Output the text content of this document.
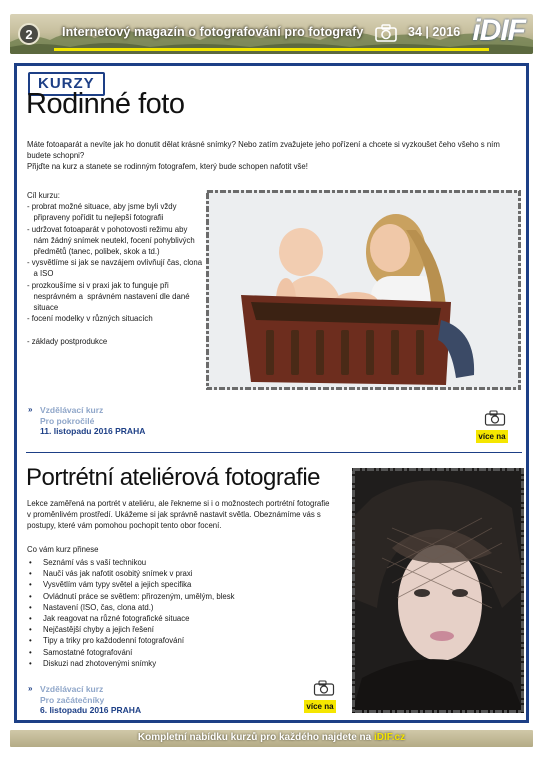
2	Internetový magazín o fotografování pro fotografy	34 | 2016 iDIF
KURZY
Rodinné foto

Máte fotoaparát a nevíte jak ho donutit dělat krásné snímky? Nebo zatím zvažujete jeho pořízení a chcete si vyzkoušet čeho všeho s ním

budete schopni?

Přijďte na kurz a stanete se rodinným fotografem, který bude schopen nafotit vše!

Cíl kurzu:
- probrat možné situace, aby jsme byli vždy
připraveny pořídit tu nejlepší fotografii
- udržovat fotoaparát v pohotovosti režimu aby
nám žádný snímek neutekl, focení pohyblivých
předmětů (tanec, polibek, skok a td.)
- vysvětlíme si jak se navzájem ovlivňují čas, clona
a ISO
- prozkoušíme si v praxi jak to funguje při
nesprávném a  správném nastavení dle dané
situace
- focení modelky v různých situacích

- základy postprodukce
» Vzdělávací kurz
Pro pokročilé
11. listopadu 2016 PRAHA
více na
Portrétní ateliérová fotografie

Lekce zaměřená na portrét v ateliéru, ale řekneme si i o možnostech portrétní fotografie

v proměnlivém prostředí. Ukážeme si jak správně nastavit světla. Obeznámíme vás s

postupy, které vám pomohou pochopit tento obor focení.

Co vám kurz přinese
• Seznámí vás s vaší technikou
• Naučí vás jak nafotit osobitý snímek v praxi
• Vysvětlím vám typy světel a jejich specifika
• Ovládnutí práce se světlem: přirozeným, umělým, blesk
• Nastavení (ISO, čas, clona atd.)
• Jak reagovat na různé fotografické situace
• Nejčastější chyby a jejich řešení
• Tipy a triky pro každodenní fotografování
• Samostatné fotografování
• Diskuzi nad zhotovenými snímky
» Vzdělávací kurz
Pro začátečníky
6. listopadu 2016 PRAHA	více na
Kompletní nabídku kurzů pro každého najdete na iDIF.cz
